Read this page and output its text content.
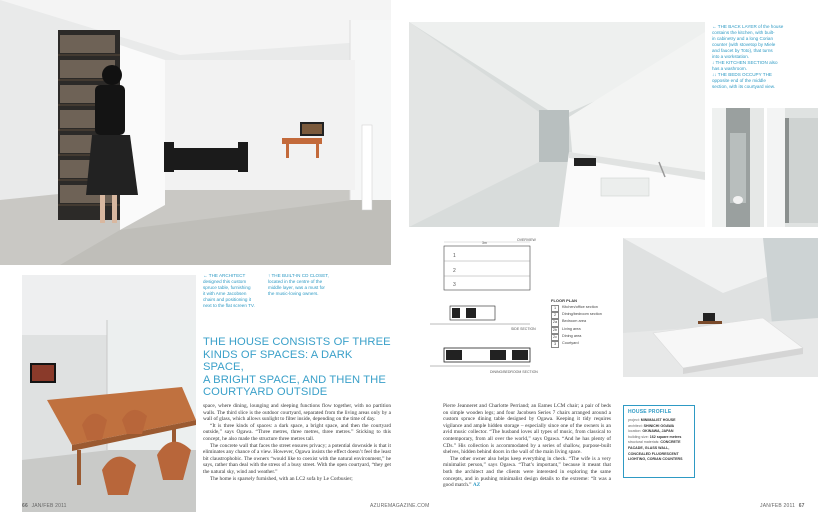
← THE BACK LAYER of the house
contains the kitchen, with built-
in cabinetry and a long Corian
counter (with stovetop by Miele
and faucet by Toto), that turns
into a workstation.
↓ THE KITCHEN SECTION also
has a washroom.
↓↓ THE BEDS OCCUPY THE
opposite end of the middle
section, with its courtyard view.
← THE ARCHITECT
designed this custom
spruce table, furnishing
it with Arne Jacobsen
chairs and positioning it
next to the flat screen TV.
↑ THE BUILT-IN CD CLOSET,
located in the centre of the
middle layer, was a must for
the music-loving owners.
THE HOUSE CONSISTS OF THREE
KINDS OF SPACES: A DARK SPACE,
A BRIGHT SPACE, AND THEN THE
COURTYARD OUTSIDE

space, where dining, lounging and sleeping functions flow together, with no partition walls. The third slice is the outdoor courtyard, separated from the living areas only by a wall of glass, which allows sunlight to filter inside, depending on the time of day.

“It is three kinds of spaces: a dark space, a bright space, and then the courtyard outside,” says Ogawa. “Three metres, three metres, three metres.” Sticking to this concept, he also made the structure three metres tall.

The concrete wall that faces the street ensures privacy; a potential downside is that it eliminates any chance of a view. However, Ogawa insists the effect doesn’t feel the least bit claustrophobic. The owners “would like to coexist with the natural environment,” he says, rather than deal with the stress of a busy street. With the open courtyard, “they get the natural sky, wind and weather.”

The home is sparsely furnished, with an LC2 sofa by Le Corbusier;

Pierre Jeanneret and Charlotte Perriand; an Eames LCM chair; a pair of beds on simple wooden legs; and four Jacobsen Series 7 chairs arranged around a custom spruce dining table designed by Ogawa. Keeping it tidy requires vigilance and ample hidden storage – especially since one of the owners is an avid music collector. “The husband loves all types of music, from classical to contemporary, from all over the world,” says Ogawa. “And he has plenty of CDs.” His collection is accommodated by a series of shallow, purpose-built shelves, hidden behind doors in the wall of the main living space.

The other owner also helps keep everything in check. “The wife is a very minimalist person,” says Ogawa. “That’s important,” because it meant that both the architect and the clients were interested in exploring the same concepts, and in pushing minimalist design details to the extreme: “It was a good match.” AZ

OVERVIEW
3m
1
2
3
SIDE SECTION
DINING/BEDROOM SECTION
FLOOR PLAN
1	Kitchen/office section
2	Dining/bedroom section
2a	Bedroom area
2b	Living area
2c	Dining area
3	Courtyard
HOUSE PROFILE
project: MINIMALIST HOUSE
architect: SHINICHI OGAWA
location: OKINAWA, JAPAN
building size: 162 square metres
structural materials: CONCRETE
FACADE, GLASS WALL,
CONCEALED FLUORESCENT
LIGHTING, CORIAN COUNTERS
66 JAN/FEB 2011	AZUREMAGAZINE.COM	JAN/FEB 2011 67
